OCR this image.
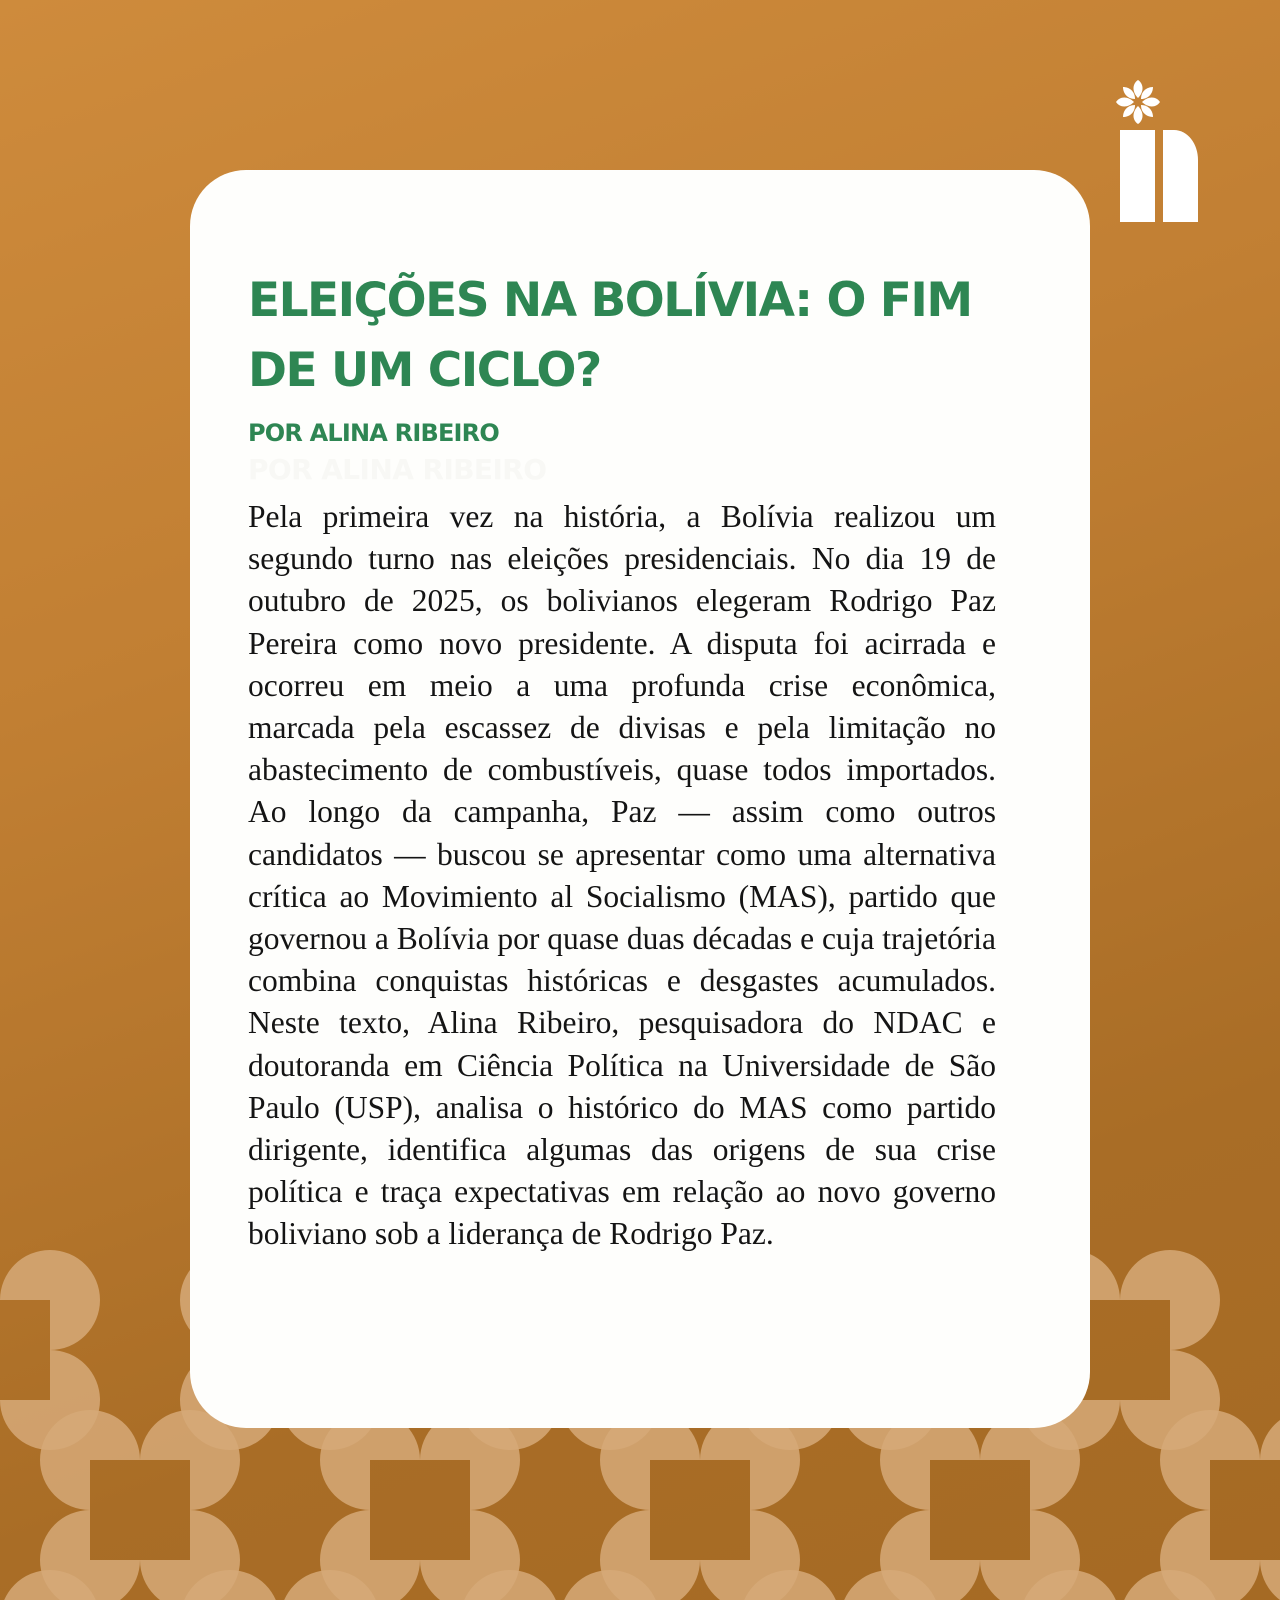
ELEIÇÕES NA BOLÍVIA: O FIM DE UM CICLO?

POR ALINA RIBEIRO

POR ALINA RIBEIRO

Pela primeira vez na história, a Bolívia realizou um segundo turno nas eleições presidenciais. No dia 19 de outubro de 2025, os bolivianos elegeram Rodrigo Paz Pereira como novo presidente. A disputa foi acirrada e ocorreu em meio a uma profunda crise econômica, marcada pela escassez de divisas e pela limitação no abastecimento de combustíveis, quase todos importados. Ao longo da campanha, Paz — assim como outros candidatos — buscou se apresentar como uma alternativa crítica ao Movimiento al Socialismo (MAS), partido que governou a Bolívia por quase duas décadas e cuja trajetória combina conquistas históricas e desgastes acumulados. Neste texto, Alina Ribeiro, pesquisadora do NDAC e doutoranda em Ciência Política na Universidade de São Paulo (USP), analisa o histórico do MAS como partido dirigente, identifica algumas das origens de sua crise política e traça expectativas em relação ao novo governo boliviano sob a liderança de Rodrigo Paz.
